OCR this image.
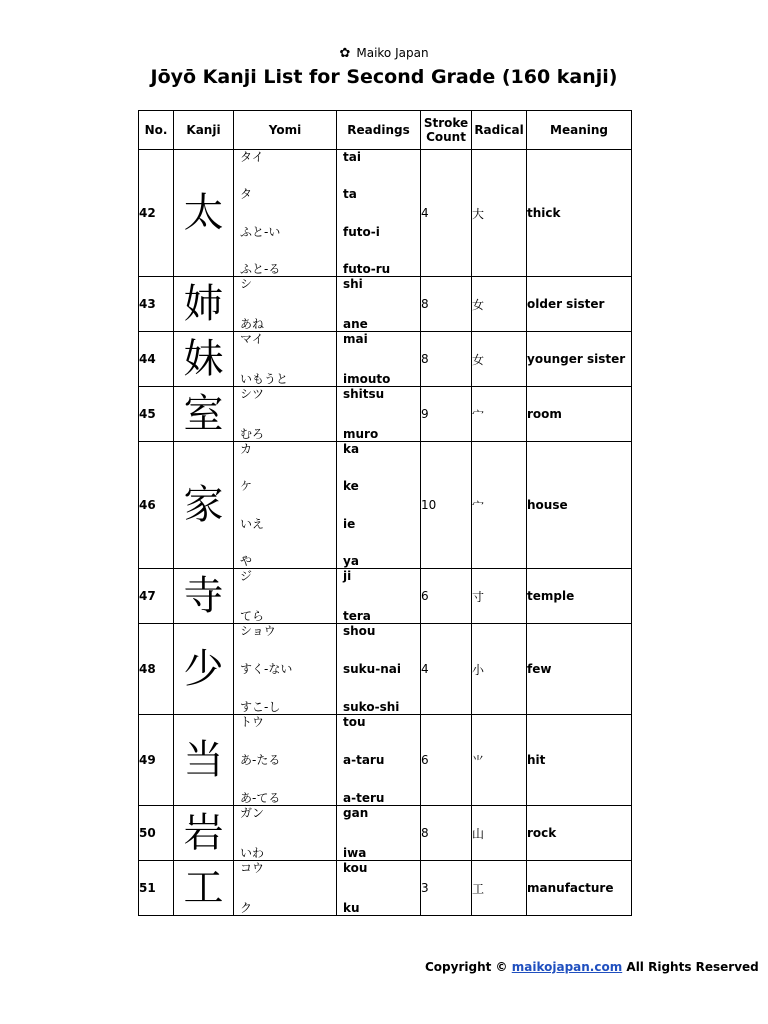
✿ Maiko Japan
Jōyō Kanji List for Second Grade (160 kanji)
No.	Kanji	Yomi	Readings	Stroke
Count	Radical	Meaning
42	太	タイ
タ
ふと-い
ふと-る	tai
ta
futo-i
futo-ru	4	大	thick
43	姉	シ
あね	shi
ane	8	女	older sister
44	妹	マイ
いもうと	mai
imouto	8	女	younger sister
45	室	シツ
むろ	shitsu
muro	9	宀	room
46	家	カ
ケ
いえ
や	ka
ke
ie
ya	10	宀	house
47	寺	ジ
てら	ji
tera	6	寸	temple
48	少	ショウ
すく-ない
すこ-し	shou
suku-nai
suko-shi	4	小	few
49	当	トウ
あ-たる
あ-てる	tou
a-taru
a-teru	6	⺌	hit
50	岩	ガン
いわ	gan
iwa	8	山	rock
51	工	コウ
ク	kou
ku	3	工	manufacture
Copyright © maikojapan.com All Rights Reserved
